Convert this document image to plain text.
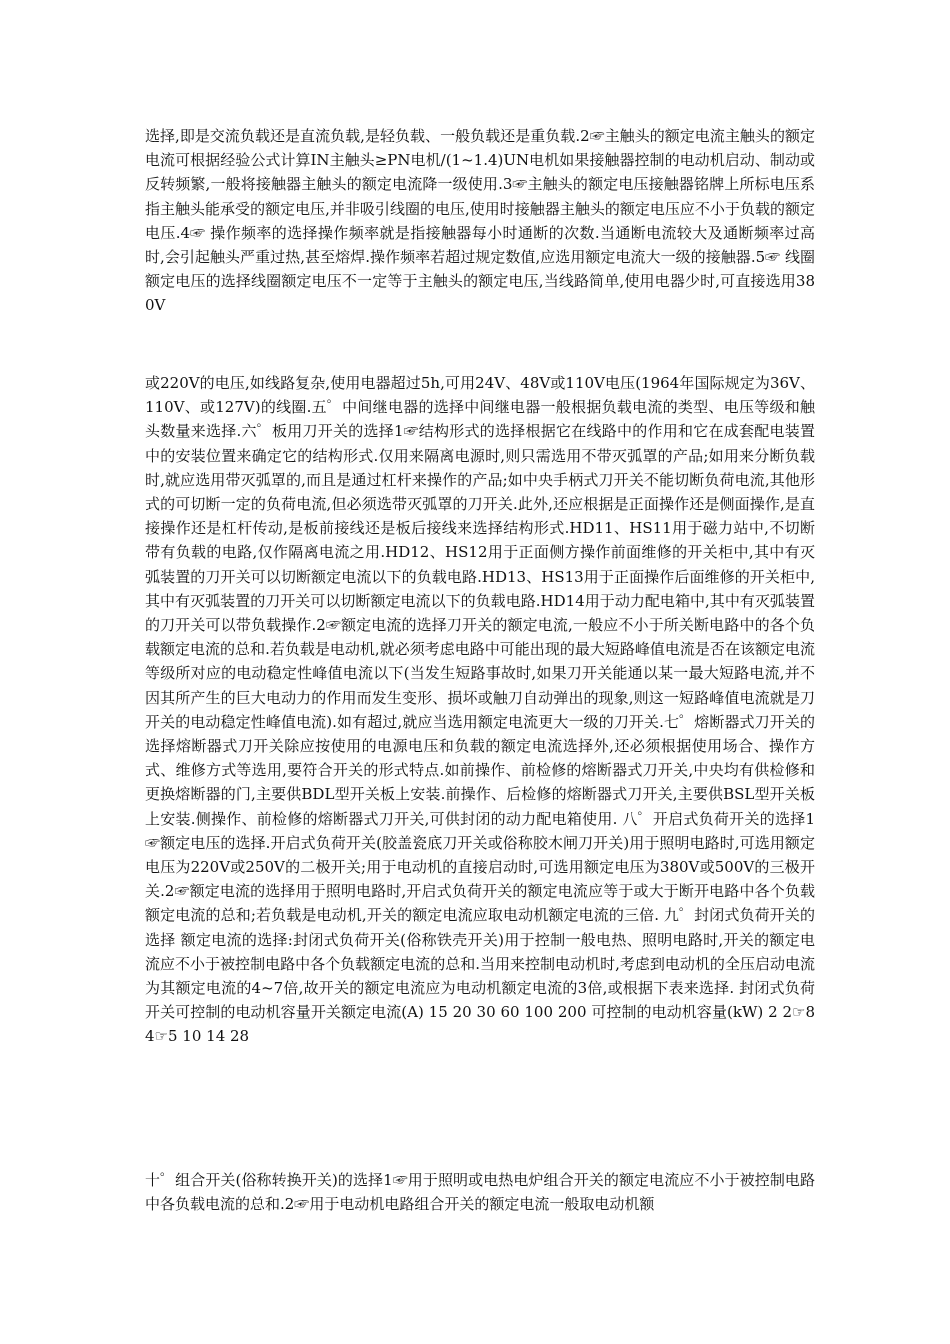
选择,即是交流负载还是直流负载,是轻负载、一般负载还是重负载.2☞主触头的额定电流主触头的额定电流可根据经验公式计算IN主触头≥PN电机/(1~1.4)UN电机如果接触器控制的电动机启动、制动或反转频繁,一般将接触器主触头的额定电流降一级使用.3☞主触头的额定电压接触器铭牌上所标电压系指主触头能承受的额定电压,并非吸引线圈的电压,使用时接触器主触头的额定电压应不小于负载的额定电压.4☞ 操作频率的选择操作频率就是指接触器每小时通断的次数.当通断电流较大及通断频率过高时,会引起触头严重过热,甚至熔焊.操作频率若超过规定数值,应选用额定电流大一级的接触器.5☞ 线圈额定电压的选择线圈额定电压不一定等于主触头的额定电压,当线路简单,使用电器少时,可直接选用380V

或220V的电压,如线路复杂,使用电器超过5h,可用24V、48V或110V电压(1964年国际规定为36V、110V、或127V)的线圈.五゜中间继电器的选择中间继电器一般根据负载电流的类型、电压等级和触头数量来选择.六゜板用刀开关的选择1☞结构形式的选择根据它在线路中的作用和它在成套配电装置中的安装位置来确定它的结构形式.仅用来隔离电源时,则只需选用不带灭弧罩的产品;如用来分断负载时,就应选用带灭弧罩的,而且是通过杠杆来操作的产品;如中央手柄式刀开关不能切断负荷电流,其他形式的可切断一定的负荷电流,但必须选带灭弧罩的刀开关.此外,还应根据是正面操作还是侧面操作,是直接操作还是杠杆传动,是板前接线还是板后接线来选择结构形式.HD11、HS11用于磁力站中,不切断带有负载的电路,仅作隔离电流之用.HD12、HS12用于正面侧方操作前面维修的开关柜中,其中有灭弧装置的刀开关可以切断额定电流以下的负载电路.HD13、HS13用于正面操作后面维修的开关柜中,其中有灭弧装置的刀开关可以切断额定电流以下的负载电路.HD14用于动力配电箱中,其中有灭弧装置的刀开关可以带负载操作.2☞额定电流的选择刀开关的额定电流,一般应不小于所关断电路中的各个负载额定电流的总和.若负载是电动机,就必须考虑电路中可能出现的最大短路峰值电流是否在该额定电流等级所对应的电动稳定性峰值电流以下(当发生短路事故时,如果刀开关能通以某一最大短路电流,并不因其所产生的巨大电动力的作用而发生变形、损坏或触刀自动弹出的现象,则这一短路峰值电流就是刀开关的电动稳定性峰值电流).如有超过,就应当选用额定电流更大一级的刀开关.七゜熔断器式刀开关的选择熔断器式刀开关除应按使用的电源电压和负载的额定电流选择外,还必须根据使用场合、操作方式、维修方式等选用,要符合开关的形式特点.如前操作、前检修的熔断器式刀开关,中央均有供检修和更换熔断器的门,主要供BDL型开关板上安装.前操作、后检修的熔断器式刀开关,主要供BSL型开关板上安装.侧操作、前检修的熔断器式刀开关,可供封闭的动力配电箱使用. 八゜开启式负荷开关的选择1☞额定电压的选择.开启式负荷开关(胶盖瓷底刀开关或俗称胶木闸刀开关)用于照明电路时,可选用额定电压为220V或250V的二极开关;用于电动机的直接启动时,可选用额定电压为380V或500V的三极开关.2☞额定电流的选择用于照明电路时,开启式负荷开关的额定电流应等于或大于断开电路中各个负载额定电流的总和;若负载是电动机,开关的额定电流应取电动机额定电流的三倍. 九゜封闭式负荷开关的选择 额定电流的选择:封闭式负荷开关(俗称铁壳开关)用于控制一般电热、照明电路时,开关的额定电流应不小于被控制电路中各个负载额定电流的总和.当用来控制电动机时,考虑到电动机的全压启动电流为其额定电流的4~7倍,故开关的额定电流应为电动机额定电流的3倍,或根据下表来选择. 封闭式负荷开关可控制的电动机容量开关额定电流(A) 15 20 30 60 100 200 可控制的电动机容量(kW) 2 2☞8 4☞5 10 14 28

十゜组合开关(俗称转换开关)的选择1☞用于照明或电热电炉组合开关的额定电流应不小于被控制电路中各负载电流的总和.2☞用于电动机电路组合开关的额定电流一般取电动机额
